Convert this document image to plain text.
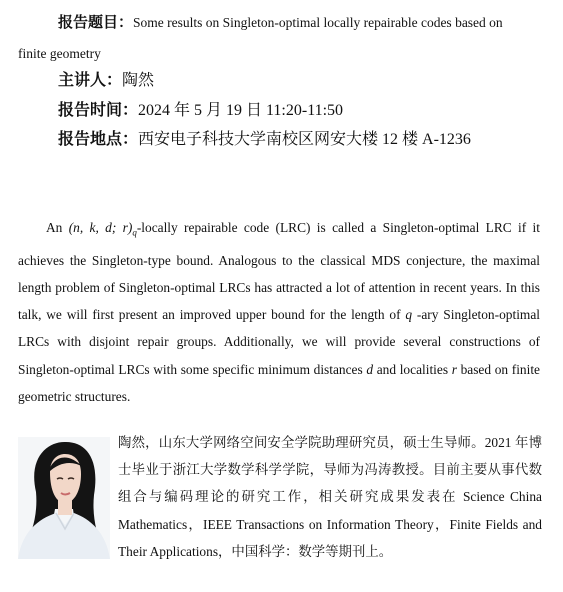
报告题目：Some results on Singleton-optimal locally repairable codes based on
finite geometry
主讲人：陶然
报告时间：2024 年 5 月 19 日 11:20-11:50
报告地点：西安电子科技大学南校区网安大楼 12 楼 A-1236
An (n, k, d; $r)_q$-locally repairable code (LRC) is called a Singleton-optimal LRC if it achieves the Singleton-type bound. Analogous to the classical MDS conjecture, the maximal length problem of Singleton-optimal LRCs has attracted a lot of attention in recent years. In this talk, we will first present an improved upper bound for the length of q -ary Singleton-optimal LRCs with disjoint repair groups. Additionally, we will provide several constructions of Singleton-optimal LRCs with some specific minimum distances d and localities r based on finite geometric structures.
陶然，山东大学网络空间安全学院助理研究员，硕士生导师。2021 年博士毕业于浙江大学数学科学学院，导师为冯涛教授。目前主要从事代数组合与编码理论的研究工作，相关研究成果发表在 Science China Mathematics，IEEE Transactions on Information Theory，Finite Fields and Their Applications，中国科学：数学等期刊上。
